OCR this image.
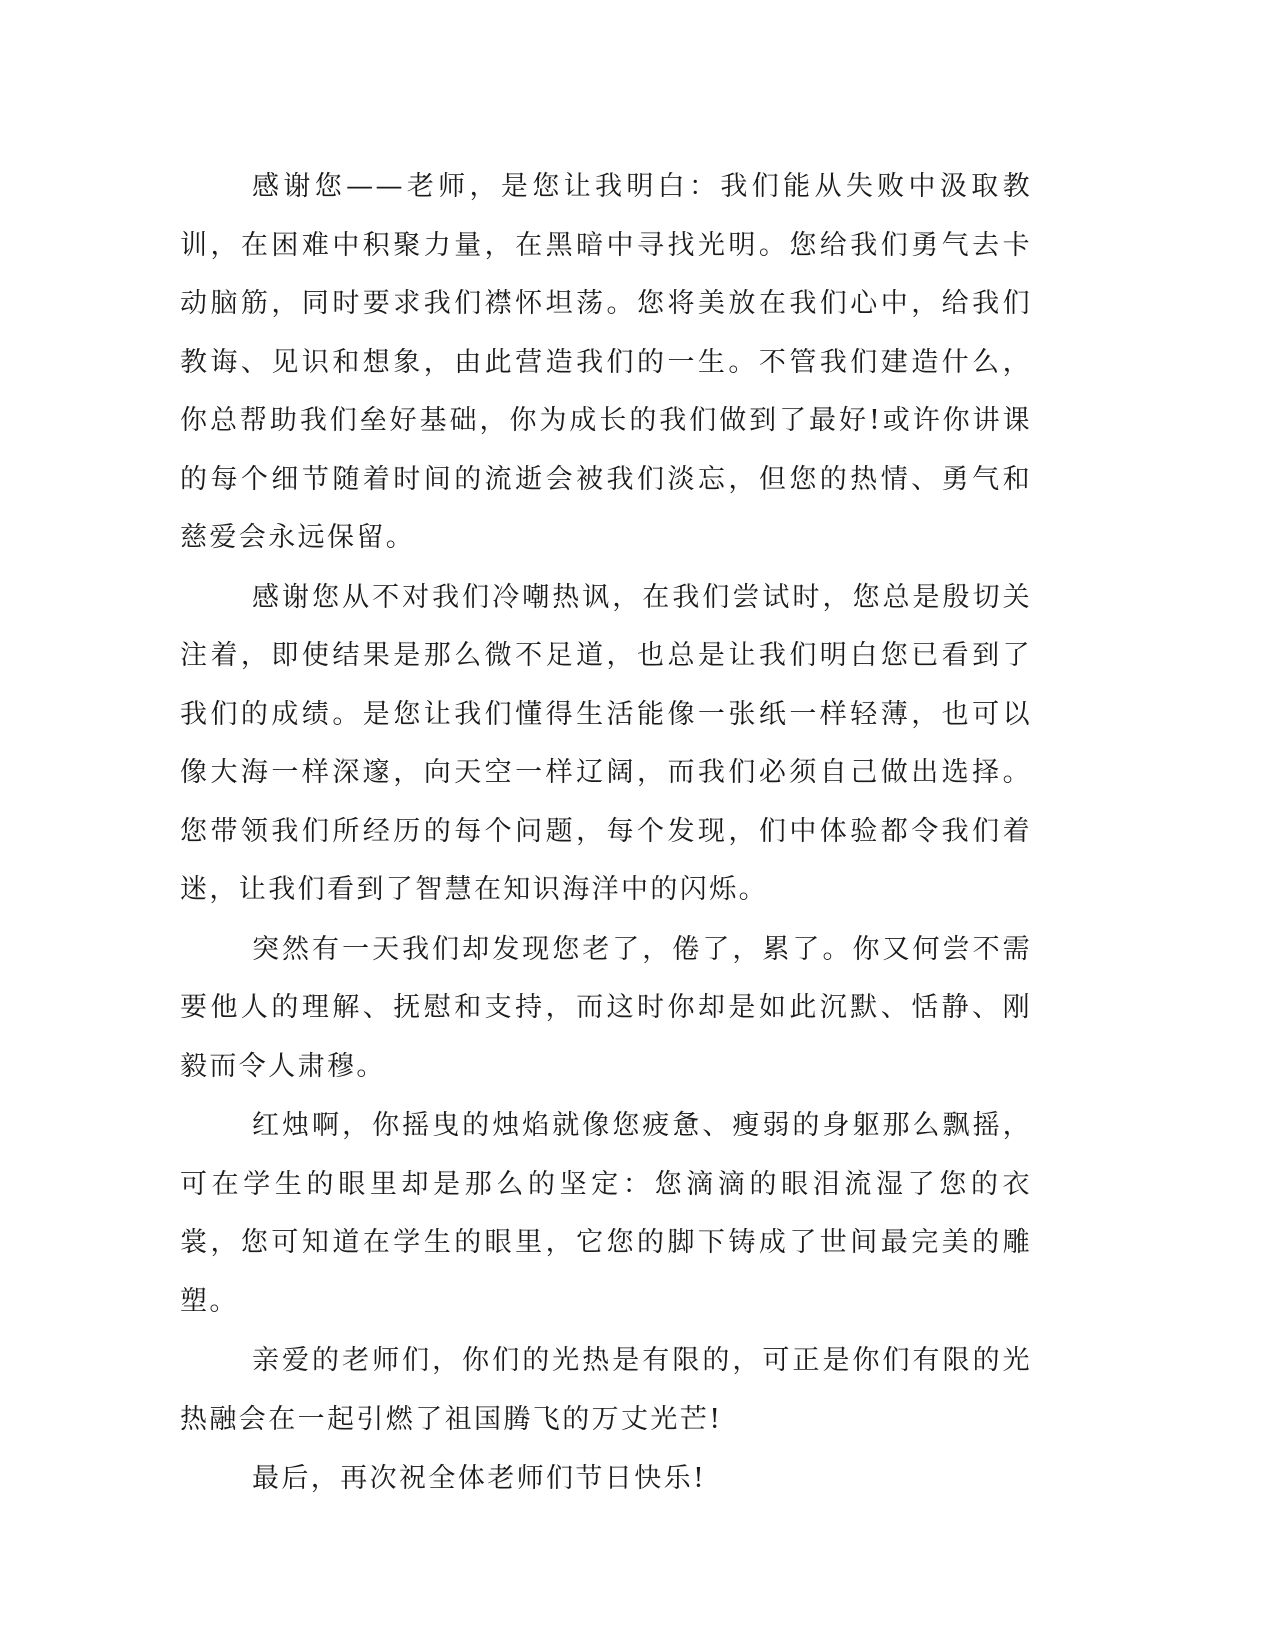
感谢您——老师，是您让我明白：我们能从失败中汲取教训，在困难中积聚力量，在黑暗中寻找光明。您给我们勇气去卡动脑筋，同时要求我们襟怀坦荡。您将美放在我们心中，给我们教诲、见识和想象，由此营造我们的一生。不管我们建造什么，你总帮助我们垒好基础，你为成长的我们做到了最好!或许你讲课的每个细节随着时间的流逝会被我们淡忘，但您的热情、勇气和慈爱会永远保留。

感谢您从不对我们冷嘲热讽，在我们尝试时，您总是殷切关注着，即使结果是那么微不足道，也总是让我们明白您已看到了我们的成绩。是您让我们懂得生活能像一张纸一样轻薄，也可以像大海一样深邃，向天空一样辽阔，而我们必须自己做出选择。您带领我们所经历的每个问题，每个发现，们中体验都令我们着迷，让我们看到了智慧在知识海洋中的闪烁。

突然有一天我们却发现您老了，倦了，累了。你又何尝不需要他人的理解、抚慰和支持，而这时你却是如此沉默、恬静、刚毅而令人肃穆。

红烛啊，你摇曳的烛焰就像您疲惫、瘦弱的身躯那么飘摇，可在学生的眼里却是那么的坚定：您滴滴的眼泪流湿了您的衣裳，您可知道在学生的眼里，它您的脚下铸成了世间最完美的雕塑。

亲爱的老师们，你们的光热是有限的，可正是你们有限的光热融会在一起引燃了祖国腾飞的万丈光芒!

最后，再次祝全体老师们节日快乐!
